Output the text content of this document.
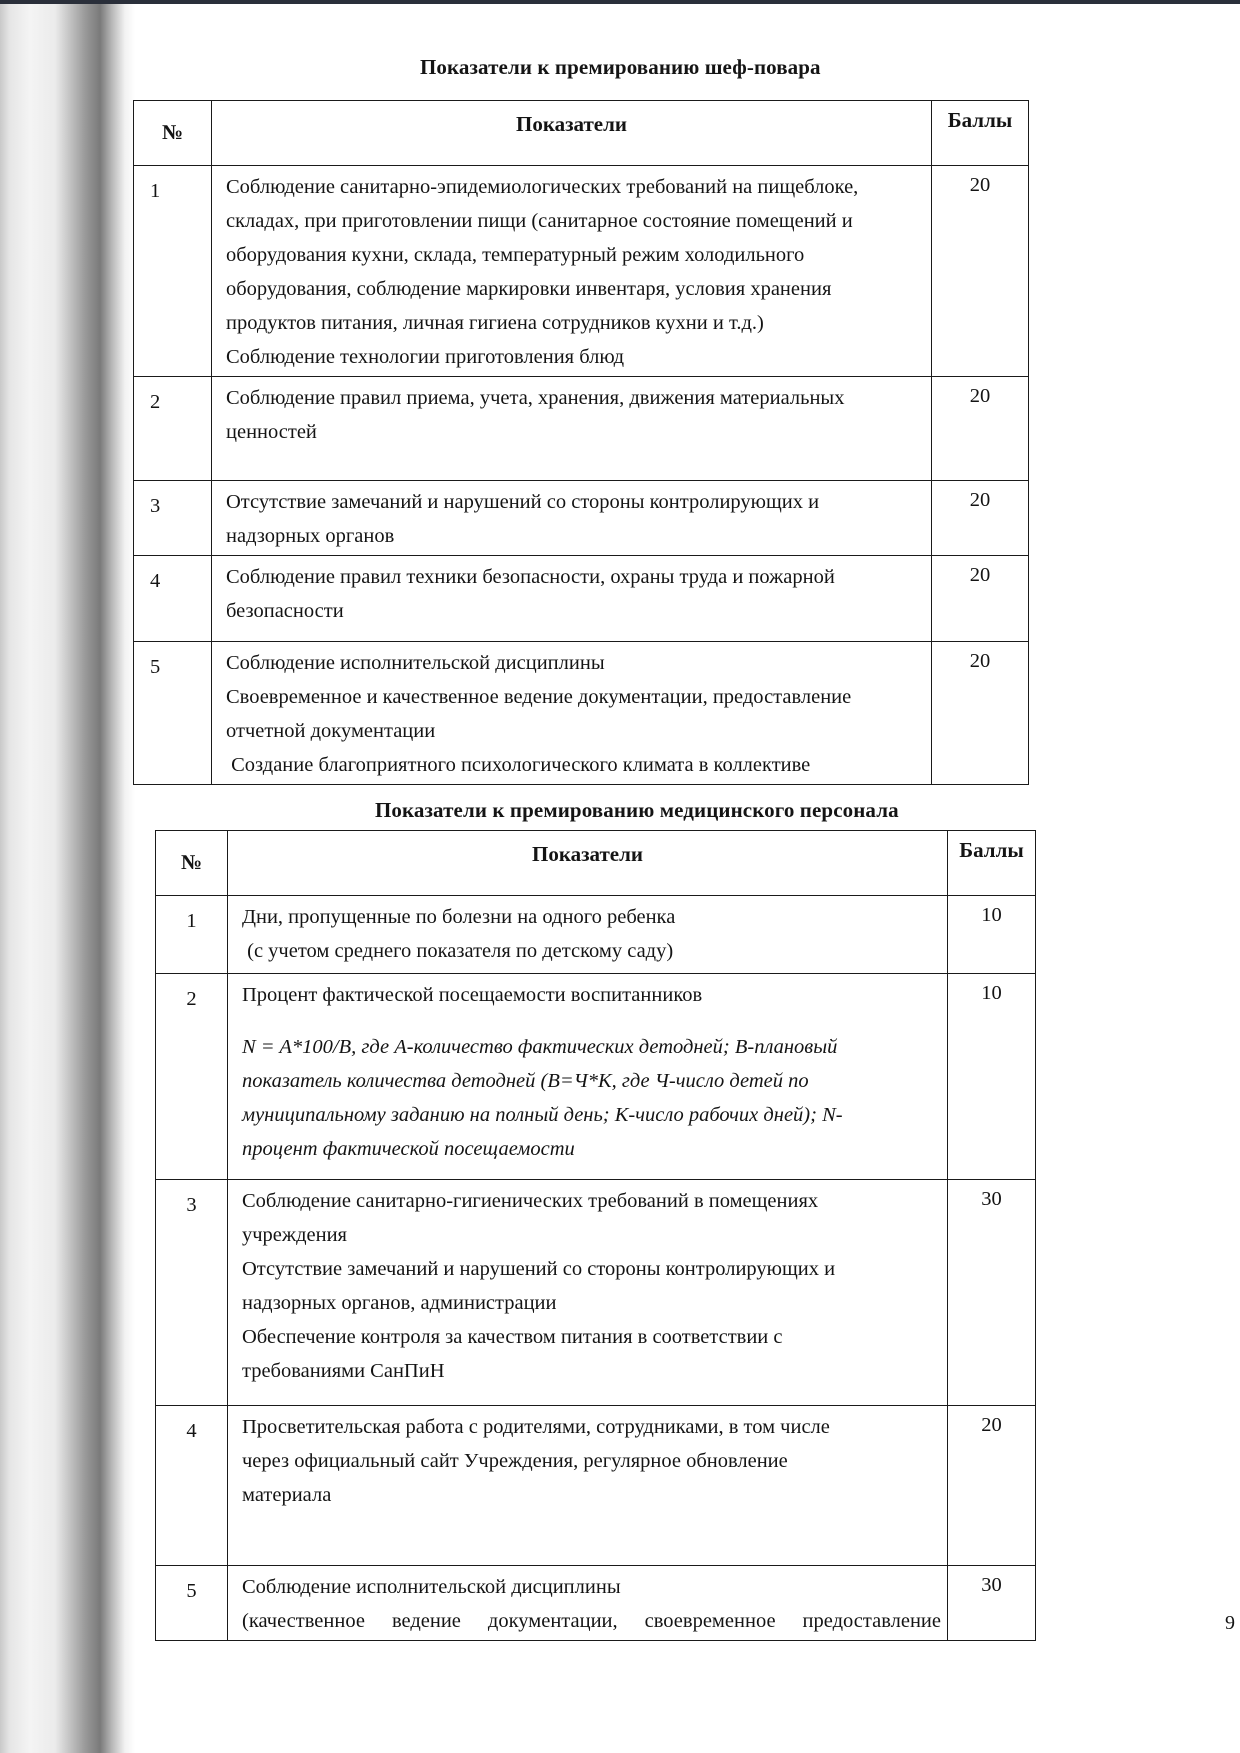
Показатели к премированию шеф-повара
№	Показатели	Баллы
1	Соблюдение санитарно-эпидемиологических требований на пищеблоке,
складах, при приготовлении пищи (санитарное состояние помещений и
оборудования кухни, склада, температурный режим холодильного
оборудования, соблюдение маркировки инвентаря, условия хранения
продуктов питания, личная гигиена сотрудников кухни и т.д.)
Соблюдение технологии приготовления блюд
	20
2	Соблюдение правил приема, учета, хранения, движения материальных
ценностей	20
3	Отсутствие замечаний и нарушений со стороны контролирующих и
надзорных органов	20
4	Соблюдение правил техники безопасности, охраны труда и пожарной
безопасности	20
5	Соблюдение исполнительской дисциплины
Своевременное и качественное ведение документации, предоставление
отчетной документации
Создание благоприятного психологического климата в коллективе	20
Показатели к премированию медицинского персонала
№	Показатели	Баллы
1	Дни, пропущенные по болезни на одного ребенка
(с учетом среднего показателя по детскому саду)	10
2	Процент фактической посещаемости воспитанников
N = A*100/B, где А-количество фактических детодней; В-плановый
показатель количества детодней (В=Ч*К, где Ч-число детей по
муниципальному заданию на полный день; К-число рабочих дней); N-
процент фактической посещаемости	10
3	Соблюдение санитарно-гигиенических требований в помещениях
учреждения
Отсутствие замечаний и нарушений со стороны контролирующих и
надзорных органов, администрации
Обеспечение контроля за качеством питания в соответствии с
требованиями СанПиН
	30
4	Просветительская работа с родителями, сотрудниками, в том числе
через официальный сайт Учреждения, регулярное обновление
материала	20
5	Соблюдение исполнительской дисциплины
(качественное ведение документации, своевременное предоставление	30
9
